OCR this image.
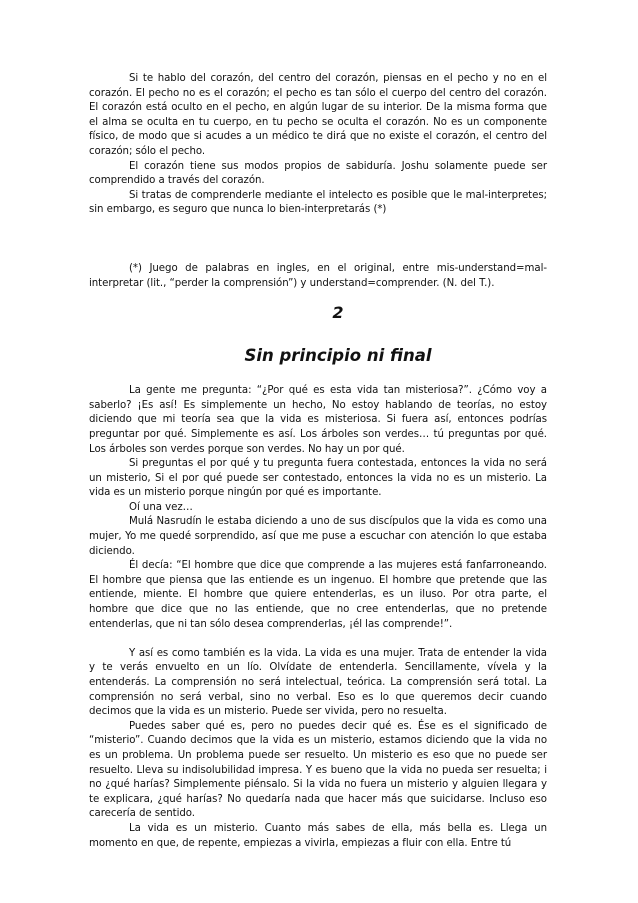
Si te hablo del corazón, del centro del corazón, piensas en el pecho y no en el corazón. El pecho no es el corazón; el pecho es tan sólo el cuerpo del centro del corazón. El corazón está oculto en el pecho, en algún lugar de su interior. De la misma forma que el alma se oculta en tu cuerpo, en tu pecho se oculta el corazón. No es un componente físico, de modo que si acudes a un médico te dirá que no existe el corazón, el centro del corazón; sólo el pecho.

El corazón tiene sus modos propios de sabiduría. Joshu solamente puede ser comprendido a través del corazón.

Si tratas de comprenderle mediante el intelecto es posible que le mal-interpretes; sin embargo, es seguro que nunca lo bien-interpretarás (*)

(*) Juego de palabras en ingles, en el original, entre mis-understand=mal-interpretar (lit., “perder la comprensión”) y understand=comprender. (N. del T.).

2

Sin principio ni final

La gente me pregunta: “¿Por qué es esta vida tan misteriosa?”. ¿Cómo voy a saberlo? ¡Es así! Es simplemente un hecho, No estoy hablando de teorías, no estoy diciendo que mi teoría sea que la vida es misteriosa. Si fuera así, entonces podrías preguntar por qué. Simplemente es así. Los árboles son verdes… tú preguntas por qué. Los árboles son verdes porque son verdes. No hay un por qué.

Si preguntas el por qué y tu pregunta fuera contestada, entonces la vida no será un misterio, Si el por qué puede ser contestado, entonces la vida no es un misterio. La vida es un misterio porque ningún por qué es importante.

Oí una vez…

Mulá Nasrudín le estaba diciendo a uno de sus discípulos que la vida es como una mujer, Yo me quedé sorprendido, así que me puse a escuchar con atención lo que estaba diciendo.

Él decía: “El hombre que dice que comprende a las mujeres está fanfarroneando. El hombre que piensa que las entiende es un ingenuo. El hombre que pretende que las entiende, miente. El hombre que quiere entenderlas, es un iluso. Por otra parte, el hombre que dice que no las entiende, que no cree entenderlas, que no pretende entenderlas, que ni tan sólo desea comprenderlas, ¡él las comprende!”.

Y así es como también es la vida. La vida es una mujer. Trata de entender la vida y te verás envuelto en un lío. Olvídate de entenderla. Sencillamente, vívela y la entenderás. La comprensión no será intelectual, teórica. La comprensión será total. La comprensión no será verbal, sino no verbal. Eso es lo que queremos decir cuando decimos que la vida es un misterio. Puede ser vivida, pero no resuelta.

Puedes saber qué es, pero no puedes decir qué es. Ése es el significado de “misterio”. Cuando decimos que la vida es un misterio, estamos diciendo que la vida no es un problema. Un problema puede ser resuelto. Un misterio es eso que no puede ser resuelto. Lleva su indisolubilidad impresa. Y es bueno que la vida no pueda ser resuelta; i no ¿qué harías? Simplemente piénsalo. Si la vida no fuera un misterio y alguien llegara y te explicara, ¿qué harías? No quedaría nada que hacer más que suicidarse. Incluso eso carecería de sentido.

La vida es un misterio. Cuanto más sabes de ella, más bella es. Llega un momento en que, de repente, empiezas a vivirla, empiezas a fluir con ella. Entre tú
